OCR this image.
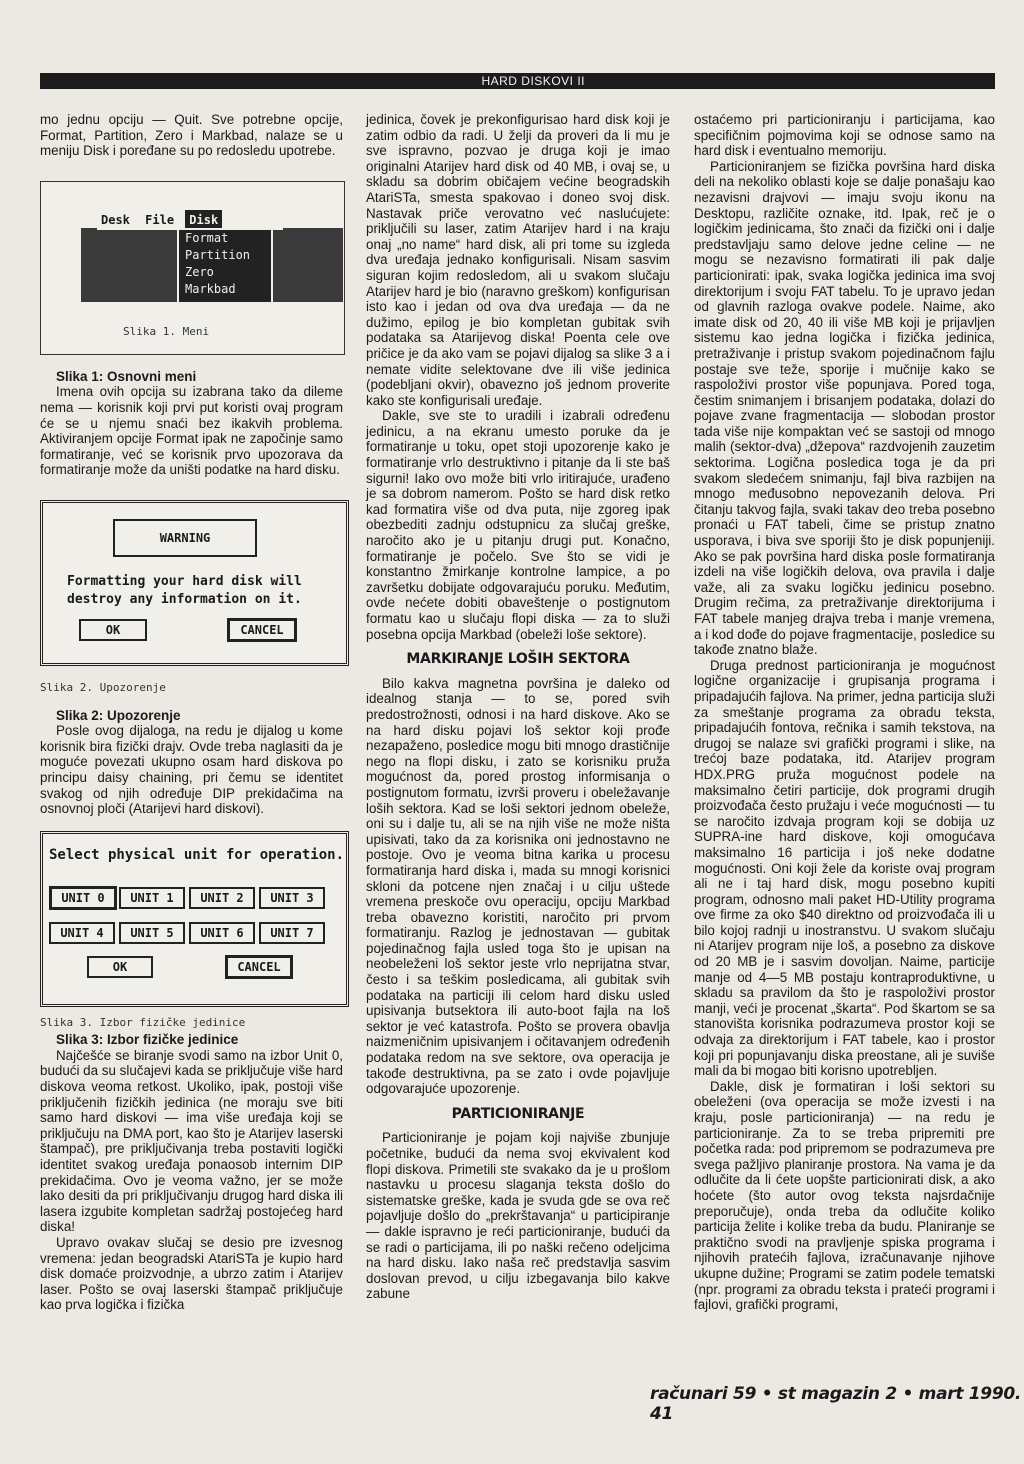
HARD DISKOVI II

mo jednu opciju — Quit. Sve potrebne opcije, Format, Partition, Zero i Markbad, nalaze se u meniju Disk i poređane su po redosledu upotrebe.

Desk File Disk
Format
Partition
Zero
Markbad
Slika 1. Meni

Slika 1: Osnovni meni

Imena ovih opcija su izabrana tako da dileme nema — korisnik koji prvi put koristi ovaj program će se u njemu snaći bez ikakvih problema. Aktiviranjem opcije Format ipak ne započinje samo formatiranje, već se korisnik prvo upozorava da formatiranje može da uništi podatke na hard disku.

WARNING
Formatting your hard disk will
destroy any information on it.
OK	CANCEL
Slika 2. Upozorenje

Slika 2: Upozorenje

Posle ovog dijaloga, na redu je dijalog u kome korisnik bira fizički drajv. Ovde treba naglasiti da je moguće povezati ukupno osam hard diskova po principu daisy chaining, pri čemu se identitet svakog od njih određuje DIP prekidačima na osnovnoj ploči (Atarijevi hard diskovi).

Select physical unit for operation.
UNIT 0	UNIT 1	UNIT 2	UNIT 3
UNIT 4	UNIT 5	UNIT 6	UNIT 7
OK	CANCEL
Slika 3. Izbor fizičke jedinice

Slika 3: Izbor fizičke jedinice

Najčešće se biranje svodi samo na izbor Unit 0, budući da su slučajevi kada se priključuje više hard diskova veoma retkost. Ukoliko, ipak, postoji više priključenih fizičkih jedinica (ne moraju sve biti samo hard diskovi — ima više uređaja koji se priključuju na DMA port, kao što je Atarijev laserski štampač), pre priključivanja treba postaviti logički identitet svakog uređaja ponaosob internim DIP prekidačima. Ovo je veoma važno, jer se može lako desiti da pri priključivanju drugog hard diska ili lasera izgubite kompletan sadržaj postojećeg hard diska!

Upravo ovakav slučaj se desio pre izvesnog vremena: jedan beogradski AtariSTa je kupio hard disk domaće proizvodnje, a ubrzo zatim i Atarijev laser. Pošto se ovaj laserski štampač priključuje kao prva logička i fizička

jedinica, čovek je prekonfigurisao hard disk koji je zatim odbio da radi. U želji da proveri da li mu je sve ispravno, pozvao je druga koji je imao originalni Atarijev hard disk od 40 MB, i ovaj se, u skladu sa dobrim običajem većine beogradskih AtariSTa, smesta spakovao i doneo svoj disk. Nastavak priče verovatno već naslućujete: priključili su laser, zatim Atarijev hard i na kraju onaj „no name“ hard disk, ali pri tome su izgleda dva uređaja jednako konfigurisali. Nisam sasvim siguran kojim redosledom, ali u svakom slučaju Atarijev hard je bio (naravno greškom) konfigurisan isto kao i jedan od ova dva uređaja — da ne dužimo, epilog je bio kompletan gubitak svih podataka sa Atarijevog diska! Poenta cele ove pričice je da ako vam se pojavi dijalog sa slike 3 a i nemate vidite selektovane dve ili više jedinica (podebljani okvir), obavezno još jednom proverite kako ste konfigurisali uređaje.

Dakle, sve ste to uradili i izabrali određenu jedinicu, a na ekranu umesto poruke da je formatiranje u toku, opet stoji upozorenje kako je formatiranje vrlo destruktivno i pitanje da li ste baš sigurni! Iako ovo može biti vrlo iritirajuće, urađeno je sa dobrom namerom. Pošto se hard disk retko kad formatira više od dva puta, nije zgoreg ipak obezbediti zadnju odstupnicu za slučaj greške, naročito ako je u pitanju drugi put. Konačno, formatiranje je počelo. Sve što se vidi je konstantno žmirkanje kontrolne lampice, a po završetku dobijate odgovarajuću poruku. Međutim, ovde nećete dobiti obaveštenje o postignutom formatu kao u slučaju flopi diska — za to služi posebna opcija Markbad (obeleži loše sektore).

MARKIRANJE LOŠIH SEKTORA

Bilo kakva magnetna površina je daleko od idealnog stanja — to se, pored svih predostrožnosti, odnosi i na hard diskove. Ako se na hard disku pojavi loš sektor koji prođe nezapaženo, posledice mogu biti mnogo drastičnije nego na flopi disku, i zato se korisniku pruža mogućnost da, pored prostog informisanja o postignutom formatu, izvrši proveru i obeležavanje loših sektora. Kad se loši sektori jednom obeleže, oni su i dalje tu, ali se na njih više ne može ništa upisivati, tako da za korisnika oni jednostavno ne postoje. Ovo je veoma bitna karika u procesu formatiranja hard diska i, mada su mnogi korisnici skloni da potcene njen značaj i u cilju uštede vremena preskoče ovu operaciju, opciju Markbad treba obavezno koristiti, naročito pri prvom formatiranju. Razlog je jednostavan — gubitak pojedinačnog fajla usled toga što je upisan na neobeleženi loš sektor jeste vrlo neprijatna stvar, često i sa teškim posledicama, ali gubitak svih podataka na particiji ili celom hard disku usled upisivanja butsektora ili auto-boot fajla na loš sektor je već katastrofa. Pošto se provera obavlja naizmeničnim upisivanjem i očitavanjem određenih podataka redom na sve sektore, ova operacija je takođe destruktivna, pa se zato i ovde pojavljuje odgovarajuće upozorenje.

PARTICIONIRANJE

Particioniranje je pojam koji najviše zbunjuje početnike, budući da nema svoj ekvivalent kod flopi diskova. Primetili ste svakako da je u prošlom nastavku u procesu slaganja teksta došlo do sistematske greške, kada je svuda gde se ova reč pojavljuje došlo do „prekrštavanja“ u participiranje — dakle ispravno je reći particioniranje, budući da se radi o particijama, ili po naški rečeno odeljcima na hard disku. Iako naša reč predstavlja sasvim doslovan prevod, u cilju izbegavanja bilo kakve zabune

ostaćemo pri particioniranju i particijama, kao specifičnim pojmovima koji se odnose samo na hard disk i eventualno memoriju.

Particioniranjem se fizička površina hard diska deli na nekoliko oblasti koje se dalje ponašaju kao nezavisni drajvovi — imaju svoju ikonu na Desktopu, različite oznake, itd. Ipak, reč je o logičkim jedinicama, što znači da fizički oni i dalje predstavljaju samo delove jedne celine — ne mogu se nezavisno formatirati ili pak dalje particionirati: ipak, svaka logička jedinica ima svoj direktorijum i svoju FAT tabelu. To je upravo jedan od glavnih razloga ovakve podele. Naime, ako imate disk od 20, 40 ili više MB koji je prijavljen sistemu kao jedna logička i fizička jedinica, pretraživanje i pristup svakom pojedinačnom fajlu postaje sve teže, sporije i mučnije kako se raspoloživi prostor više popunjava. Pored toga, čestim snimanjem i brisanjem podataka, dolazi do pojave zvane fragmentacija — slobodan prostor tada više nije kompaktan već se sastoji od mnogo malih (sektor-dva) „džepova“ razdvojenih zauzetim sektorima. Logična posledica toga je da pri svakom sledećem snimanju, fajl biva razbijen na mnogo međusobno nepovezanih delova. Pri čitanju takvog fajla, svaki takav deo treba posebno pronaći u FAT tabeli, čime se pristup znatno usporava, i biva sve sporiji što je disk popunjeniji. Ako se pak površina hard diska posle formatiranja izdeli na više logičkih delova, ova pravila i dalje važe, ali za svaku logičku jedinicu posebno. Drugim rečima, za pretraživanje direktorijuma i FAT tabele manjeg drajva treba i manje vremena, a i kod dođe do pojave fragmentacije, posledice su takođe znatno blaže.

Druga prednost particioniranja je mogućnost logične organizacije i grupisanja programa i pripadajućih fajlova. Na primer, jedna particija služi za smeštanje programa za obradu teksta, pripadajućih fontova, rečnika i samih tekstova, na drugoj se nalaze svi grafički programi i slike, na trećoj baze podataka, itd. Atarijev program HDX.PRG pruža mogućnost podele na maksimalno četiri particije, dok programi drugih proizvođača često pružaju i veće mogućnosti — tu se naročito izdvaja program koji se dobija uz SUPRA-ine hard diskove, koji omogućava maksimalno 16 particija i još neke dodatne mogućnosti. Oni koji žele da koriste ovaj program ali ne i taj hard disk, mogu posebno kupiti program, odnosno mali paket HD-Utility programa ove firme za oko $40 direktno od proizvođača ili u bilo kojoj radnji u inostranstvu. U svakom slučaju ni Atarijev program nije loš, a posebno za diskove od 20 MB je i sasvim dovoljan. Naime, particije manje od 4—5 MB postaju kontraproduktivne, u skladu sa pravilom da što je raspoloživi prostor manji, veći je procenat „škarta“. Pod škartom se sa stanovišta korisnika podrazumeva prostor koji se odvaja za direktorijum i FAT tabele, kao i prostor koji pri popunjavanju diska preostane, ali je suviše mali da bi mogao biti korisno upotrebljen.

Dakle, disk je formatiran i loši sektori su obeleženi (ova operacija se može izvesti i na kraju, posle particioniranja) — na redu je particioniranje. Za to se treba pripremiti pre početka rada: pod pripremom se podrazumeva pre svega pažljivo planiranje prostora. Na vama je da odlučite da li ćete uopšte particionirati disk, a ako hoćete (što autor ovog teksta najsrdačnije preporučuje), onda treba da odlučite koliko particija želite i kolike treba da budu. Planiranje se praktično svodi na pravljenje spiska programa i njihovih pratećih fajlova, izračunavanje njihove ukupne dužine; Programi se zatim podele tematski (npr. programi za obradu teksta i prateći programi i fajlovi, grafički programi,

računari 59 • st magazin 2 • mart 1990. 41
